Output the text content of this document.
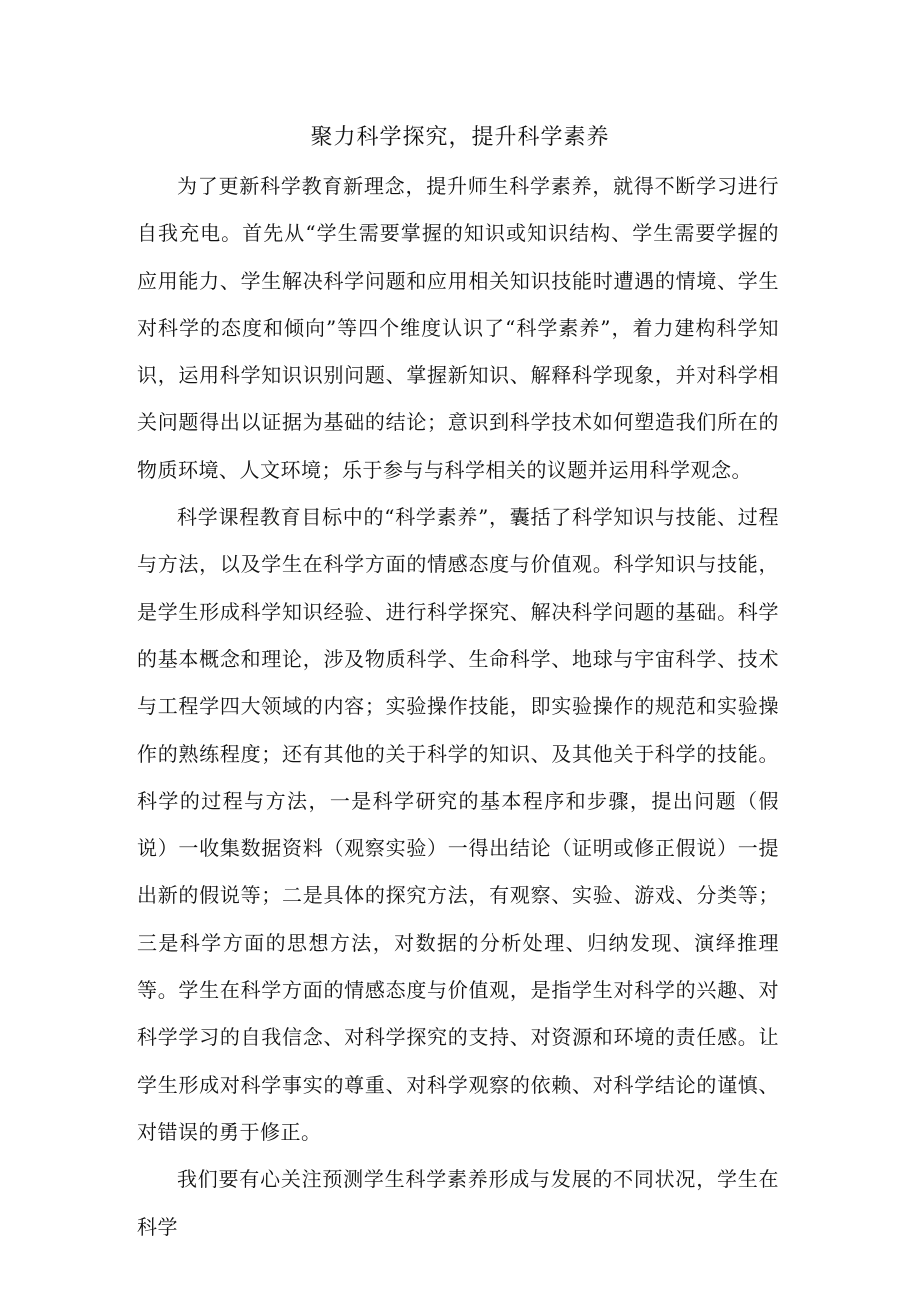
聚力科学探究，提升科学素养

为了更新科学教育新理念，提升师生科学素养，就得不断学习进行自我充电。首先从“学生需要掌握的知识或知识结构、学生需要学握的应用能力、学生解决科学问题和应用相关知识技能时遭遇的情境、学生对科学的态度和倾向”等四个维度认识了“科学素养”，着力建构科学知识，运用科学知识识别问题、掌握新知识、解释科学现象，并对科学相关问题得出以证据为基础的结论；意识到科学技术如何塑造我们所在的物质环境、人文环境；乐于参与与科学相关的议题并运用科学观念。

科学课程教育目标中的“科学素养”，囊括了科学知识与技能、过程与方法，以及学生在科学方面的情感态度与价值观。科学知识与技能，是学生形成科学知识经验、进行科学探究、解决科学问题的基础。科学的基本概念和理论，涉及物质科学、生命科学、地球与宇宙科学、技术与工程学四大领域的内容；实验操作技能，即实验操作的规范和实验操作的熟练程度；还有其他的关于科学的知识、及其他关于科学的技能。科学的过程与方法，一是科学研究的基本程序和步骤，提出问题（假说）一收集数据资料（观察实验）一得出结论（证明或修正假说）一提出新的假说等；二是具体的探究方法，有观察、实验、游戏、分类等；三是科学方面的思想方法，对数据的分析处理、归纳发现、演绎推理等。学生在科学方面的情感态度与价值观，是指学生对科学的兴趣、对科学学习的自我信念、对科学探究的支持、对资源和环境的责任感。让学生形成对科学事实的尊重、对科学观察的依赖、对科学结论的谨慎、对错误的勇于修正。

我们要有心关注预测学生科学素养形成与发展的不同状况，学生在科学
